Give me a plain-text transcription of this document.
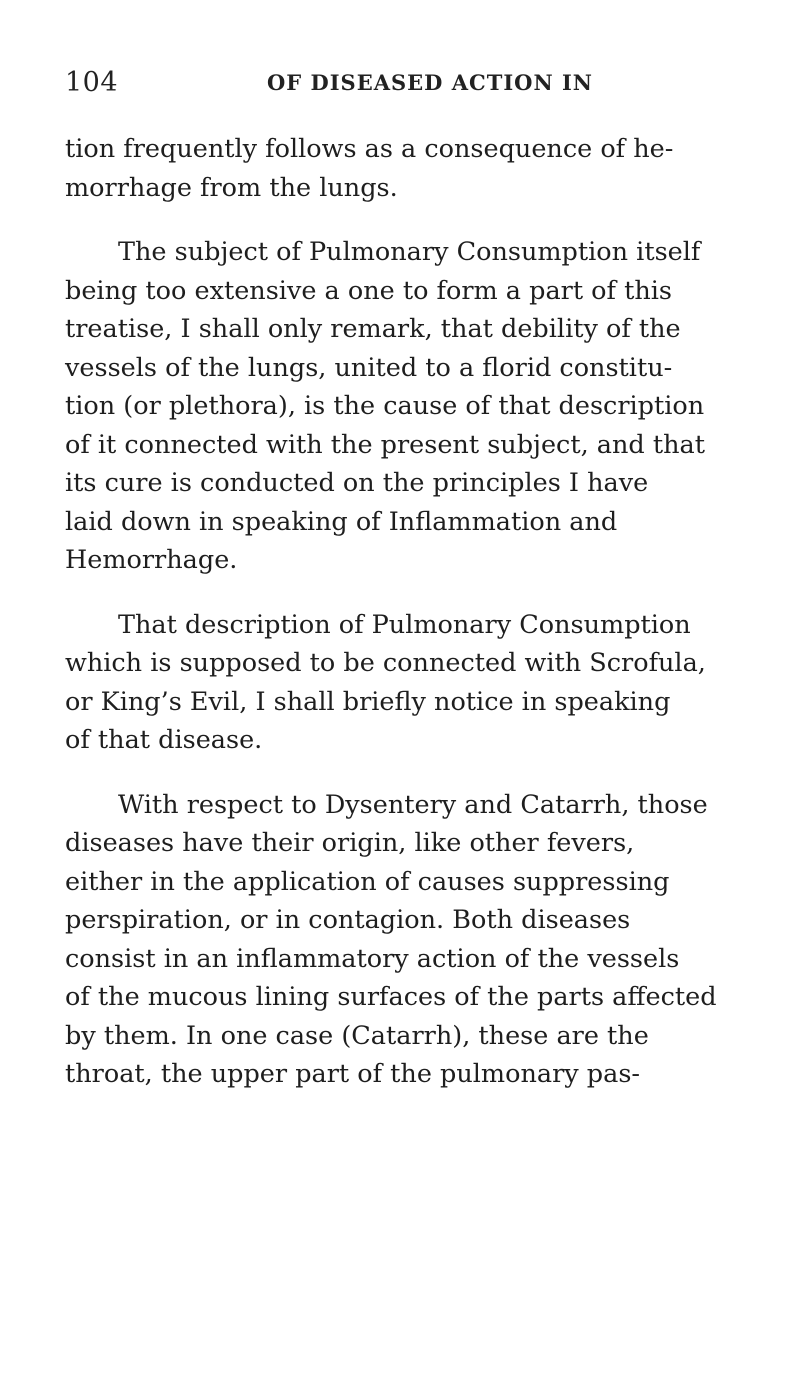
104	OF DISEASED ACTION IN
tion frequently follows as a consequence of he-
morrhage from the lungs.
The subject of Pulmonary Consumption itself
being too extensive a one to form a part of this
treatise, I shall only remark, that debility of the
vessels of the lungs, united to a florid constitu-
tion (or plethora), is the cause of that description
of it connected with the present subject, and that
its cure is conducted on the principles I have
laid down in speaking of Inflammation and
Hemorrhage.
That description of Pulmonary Consumption
which is supposed to be connected with Scrofula,
or King’s Evil, I shall briefly notice in speaking
of that disease.
With respect to Dysentery and Catarrh, those
diseases have their origin, like other fevers,
either in the application of causes suppressing
perspiration, or in contagion. Both diseases
consist in an inflammatory action of the vessels
of the mucous lining surfaces of the parts affected
by them. In one case (Catarrh), these are the
throat, the upper part of the pulmonary pas-
